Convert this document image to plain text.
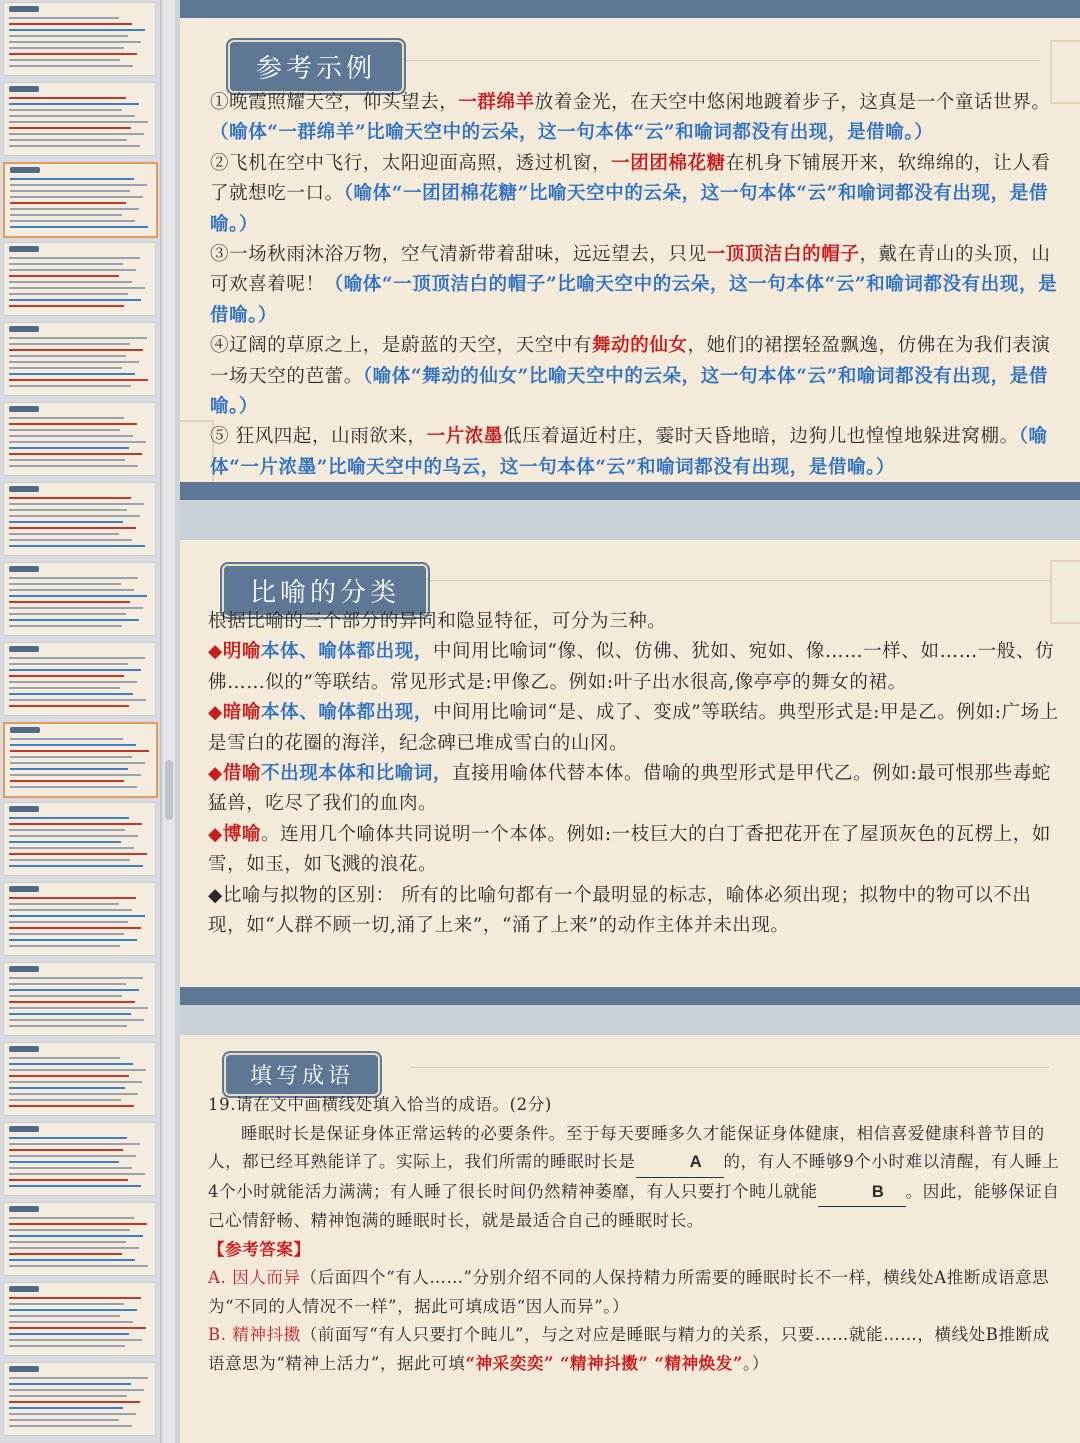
参考示例
①晚霞照耀天空，仰头望去，一群绵羊放着金光，在天空中悠闲地踱着步子，这真是一个童话世界。（喻体“一群绵羊”比喻天空中的云朵，这一句本体“云”和喻词都没有出现，是借喻。）
②飞机在空中飞行，太阳迎面高照，透过机窗，一团团棉花糖在机身下铺展开来，软绵绵的，让人看了就想吃一口。（喻体“一团团棉花糖”比喻天空中的云朵，这一句本体“云”和喻词都没有出现，是借喻。）
③一场秋雨沐浴万物，空气清新带着甜味，远远望去，只见一顶顶洁白的帽子，戴在青山的头顶，山可欢喜着呢！（喻体“一顶顶洁白的帽子”比喻天空中的云朵，这一句本体“云”和喻词都没有出现，是借喻。）
④辽阔的草原之上，是蔚蓝的天空，天空中有舞动的仙女，她们的裙摆轻盈飘逸，仿佛在为我们表演一场天空的芭蕾。（喻体“舞动的仙女”比喻天空中的云朵，这一句本体“云”和喻词都没有出现，是借喻。）
⑤ 狂风四起，山雨欲来，一片浓墨低压着逼近村庄，霎时天昏地暗，边狗儿也惶惶地躲进窝棚。（喻体“一片浓墨”比喻天空中的乌云，这一句本体“云”和喻词都没有出现，是借喻。）
比喻的分类
根据比喻的三个部分的异同和隐显特征，可分为三种。
◆明喻本体、喻体都出现，中间用比喻词“像、似、仿佛、犹如、宛如、像……一样、如……一般、仿佛……似的”等联结。常见形式是:甲像乙。例如:叶子出水很高,像亭亭的舞女的裙。
◆暗喻本体、喻体都出现，中间用比喻词“是、成了、变成”等联结。典型形式是:甲是乙。例如:广场上是雪白的花圈的海洋，纪念碑已堆成雪白的山冈。
◆借喻不出现本体和比喻词，直接用喻体代替本体。借喻的典型形式是甲代乙。例如:最可恨那些毒蛇猛兽，吃尽了我们的血肉。
◆博喻。连用几个喻体共同说明一个本体。例如:一枝巨大的白丁香把花开在了屋顶灰色的瓦楞上，如雪，如玉，如飞溅的浪花。
◆比喻与拟物的区别： 所有的比喻句都有一个最明显的标志，喻体必须出现；拟物中的物可以不出现，如“人群不顾一切,涌了上来”，“涌了上来”的动作主体并未出现。
填写成语
19.请在文中画横线处填入恰当的成语。(2分)
睡眠时长是保证身体正常运转的必要条件。至于每天要睡多久才能保证身体健康，相信喜爱健康科普节目的人，都已经耳熟能详了。实际上，我们所需的睡眠时长是	A 的，有人不睡够9个小时难以清醒，有人睡上4个小时就能活力满满；有人睡了很长时间仍然精神萎靡，有人只要打个盹儿就能	B 。因此，能够保证自己心情舒畅、精神饱满的睡眠时长，就是最适合自己的睡眠时长。
【参考答案】
A. 因人而异（后面四个“有人……”分别介绍不同的人保持精力所需要的睡眠时长不一样，横线处A推断成语意思为“不同的人情况不一样”，据此可填成语“因人而异”。）
B. 精神抖擞（前面写“有人只要打个盹儿”，与之对应是睡眠与精力的关系，只要……就能……，横线处B推断成语意思为“精神上活力”，据此可填“神采奕奕” “精神抖擞” “精神焕发”。）
